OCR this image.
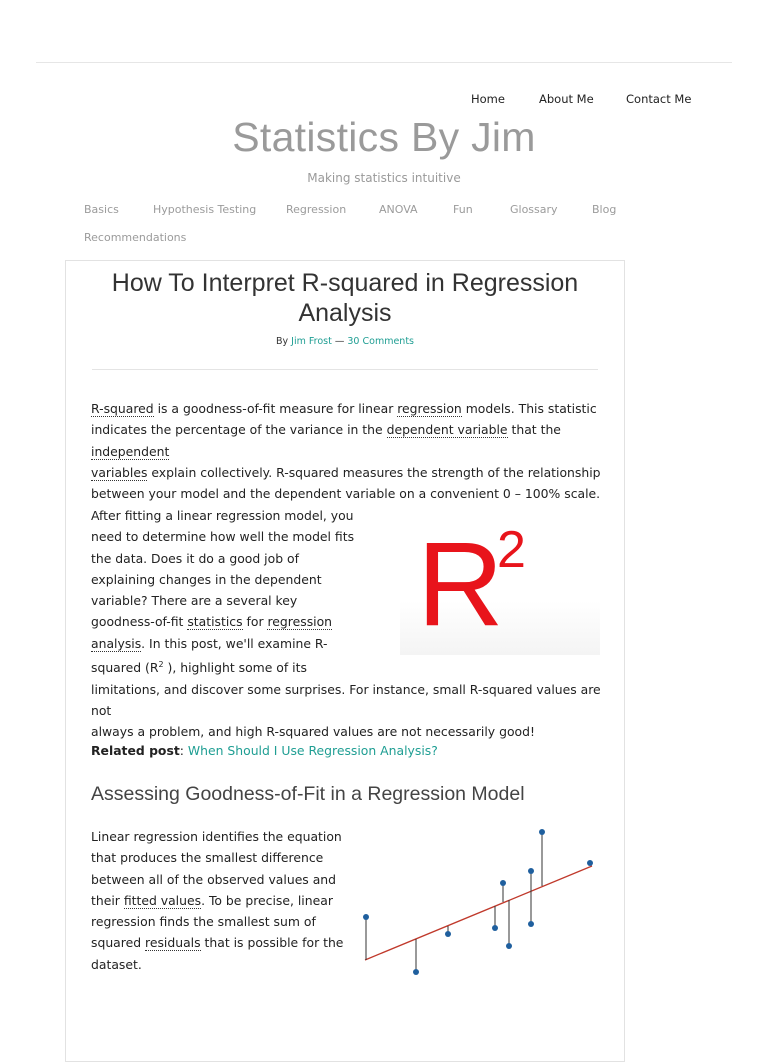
Home	About Me	Contact Me
Statistics By Jim
Making statistics intuitive
Basics	Hypothesis Testing	Regression	ANOVA	Fun	Glossary	Blog
Recommendations
How To Interpret R-squared in Regression Analysis
By Jim Frost — 30 Comments
R-squared is a goodness-of-fit measure for linear regression models. This statistic
indicates the percentage of the variance in the dependent variable that the independent
variables explain collectively. R-squared measures the strength of the relationship
between your model and the dependent variable on a convenient 0 – 100% scale.
After fitting a linear regression model, you
need to determine how well the model fits
the data. Does it do a good job of
explaining changes in the dependent
variable? There are a several key
goodness-of-fit statistics for regression
analysis. In this post, we'll examine R-
squared ($R^2$ ), highlight some of its
limitations, and discover some surprises. For instance, small R-squared values are not
always a problem, and high R-squared values are not necessarily good!
R
2
Related post: When Should I Use Regression Analysis?
Assessing Goodness-of-Fit in a Regression Model
Linear regression identifies the equation
that produces the smallest difference
between all of the observed values and
their fitted values. To be precise, linear
regression finds the smallest sum of
squared residuals that is possible for the
dataset.
